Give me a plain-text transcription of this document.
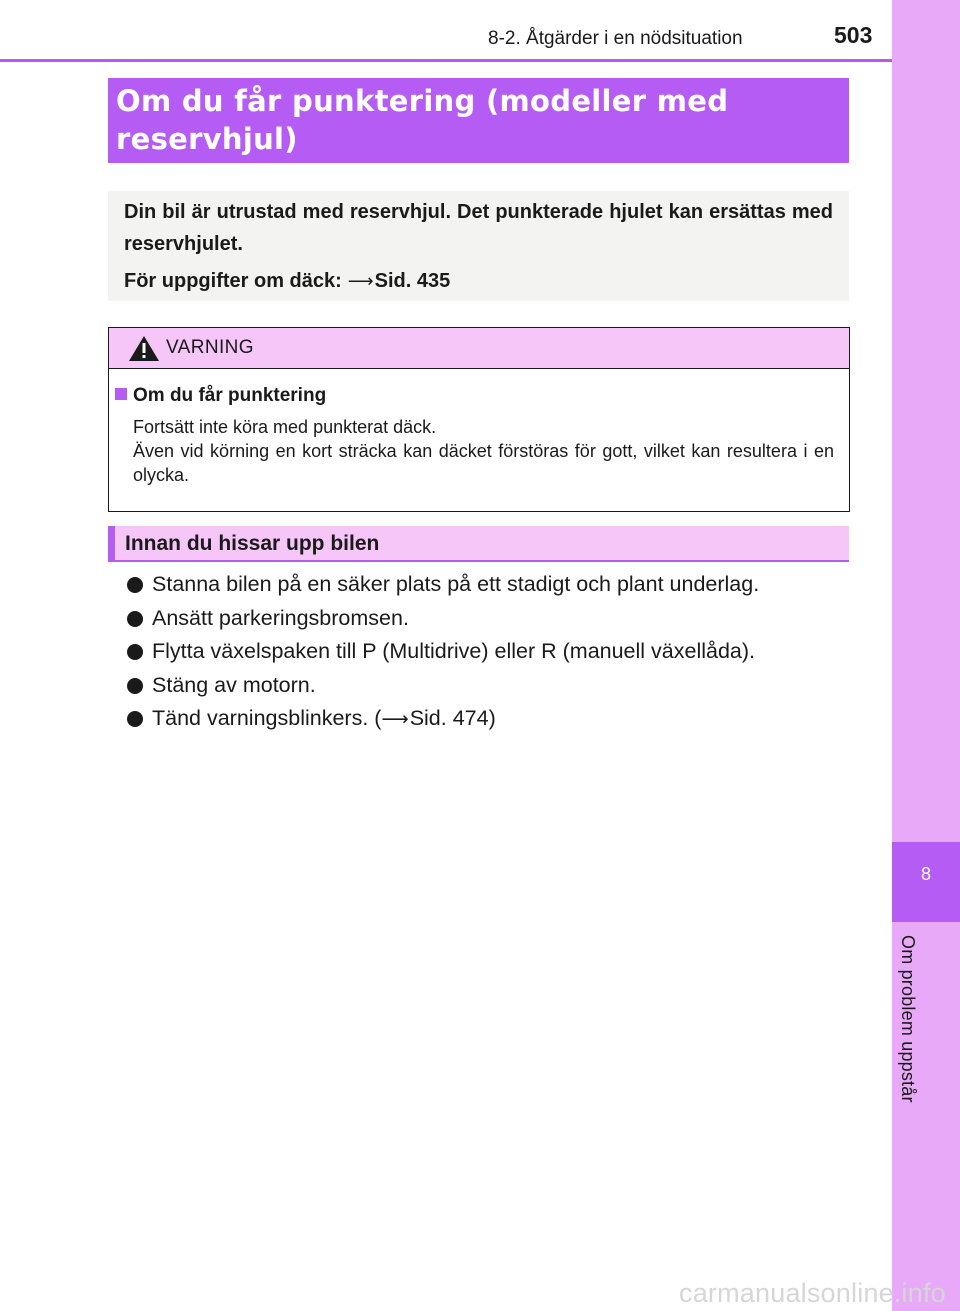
8-2. Åtgärder i en nödsituation	503
8
Om problem uppstår
Om du får punktering (modeller med
reservhjul)
Din bil är utrustad med reservhjul. Det punkterade hjulet kan ersättas med reservhjulet.
För uppgifter om däck: ⟶Sid. 435
VARNING
Om du får punktering
Fortsätt inte köra med punkterat däck.
Även vid körning en kort sträcka kan däcket förstöras för gott, vilket kan resultera i en olycka.
Innan du hissar upp bilen
Stanna bilen på en säker plats på ett stadigt och plant underlag.
Ansätt parkeringsbromsen.
Flytta växelspaken till P (Multidrive) eller R (manuell växellåda).
Stäng av motorn.
Tänd varningsblinkers. (⟶Sid. 474)
carmanualsonline.info
